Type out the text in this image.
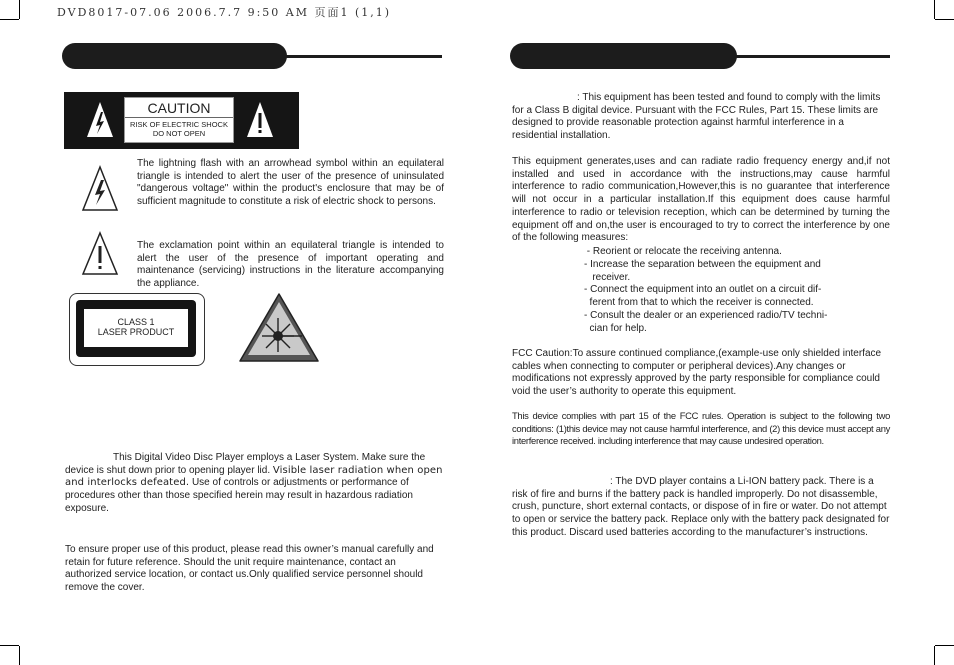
DVD8017-07.06 2006.7.7 9:50 AM 页面1 (1,1)
CAUTION
RISK OF ELECTRIC SHOCK
DO NOT OPEN
The lightning flash with an arrowhead symbol within an equilateral triangle is intended to alert the user of the presence of uninsulated "dangerous voltage" within the product's enclosure that may be of sufficient magnitude to constitute a risk of electric shock to persons.
The exclamation point within an equilateral triangle is intended to alert the user of the presence of important operating and maintenance (servicing) instructions in the literature accompanying the appliance.
CLASS 1
LASER PRODUCT
This Digital Video Disc Player employs a Laser System. Make sure the
device is shut down prior to opening player lid. Visible laser radiation when open and interlocks defeated. Use of controls or adjustments or performance of procedures other than those specified herein may result in hazardous radiation exposure.
To ensure proper use of this product, please read this owner’s manual carefully and retain for future reference. Should the unit require maintenance, contact an authorized service location, or contact us.Only qualified service personnel should remove the cover.
: This equipment has been tested and found to comply with the limits for a Class B digital device. Pursuant with the FCC Rules, Part 15. These limits are designed to provide reasonable protection against harmful interference in a residential installation.
This equipment generates,uses and can radiate radio frequency energy and,if not installed and used in accordance with the instructions,may cause harmful interference to radio communication,However,this is no guarantee that interference will not occur in a particular installation.If this equipment does cause harmful interference to radio or television reception, which can be determined by turning the equipment off and on,the user is encouraged to try to correct the interference by one of the following measures:
- Reorient or relocate the receiving antenna.
- Increase the separation between the equipment and
receiver.
- Connect the equipment into an outlet on a circuit dif-
ferent from that to which the receiver is connected.
- Consult the dealer or an experienced radio/TV techni-
cian for help.
FCC Caution:To assure continued compliance,(example-use only shielded interface cables when connecting to computer or peripheral devices).Any changes or modifications not expressly approved by the party responsible for compliance could void the user’s authority to operate this equipment.
This device complies with part 15 of the FCC rules. Operation is subject to the following two conditions: (1)this device may not cause harmful interference, and (2) this device must accept any interference received. including interference that may cause undesired operation.
: The DVD player contains a Li-ION battery pack. There is a risk of fire and burns if the battery pack is handled improperly. Do not disassemble, crush, puncture, short external contacts, or dispose of in fire or water. Do not attempt to open or service the battery pack. Replace only with the battery pack designated for this product. Discard used batteries according to the manufacturer’s instructions.
